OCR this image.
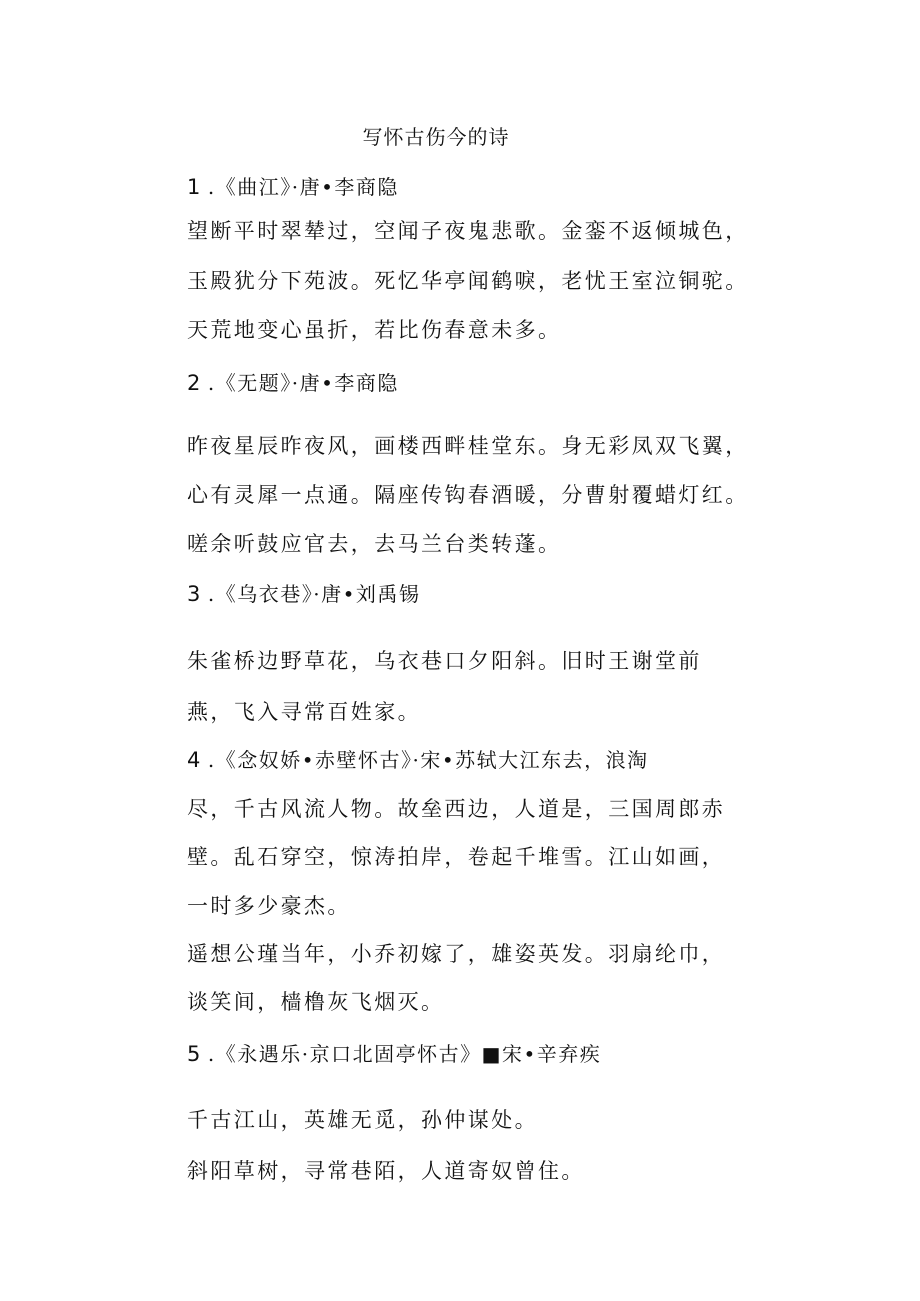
写怀古伤今的诗
1 .《曲江》·唐•李商隐
望断平时翠辇过，空闻子夜鬼悲歌。金銮不返倾城色，
玉殿犹分下苑波。死忆华亭闻鹤唳，老忧王室泣铜驼。
天荒地变心虽折，若比伤春意未多。
2 .《无题》·唐•李商隐
昨夜星辰昨夜风，画楼西畔桂堂东。身无彩凤双飞翼，
心有灵犀一点通。隔座传钩春酒暖，分曹射覆蜡灯红。
嗟余听鼓应官去，去马兰台类转蓬。
3 .《乌衣巷》·唐•刘禹锡
朱雀桥边野草花，乌衣巷口夕阳斜。旧时王谢堂前
燕，飞入寻常百姓家。
4 .《念奴娇•赤壁怀古》·宋•苏轼大江东去，浪淘
尽，千古风流人物。故垒西边，人道是，三国周郎赤
壁。乱石穿空，惊涛拍岸，卷起千堆雪。江山如画，
一时多少豪杰。
遥想公瑾当年，小乔初嫁了，雄姿英发。羽扇纶巾，
谈笑间，樯橹灰飞烟灭。
5 .《永遇乐·京口北固亭怀古》■宋•辛弃疾
千古江山，英雄无觅，孙仲谋处。
斜阳草树，寻常巷陌，人道寄奴曾住。
